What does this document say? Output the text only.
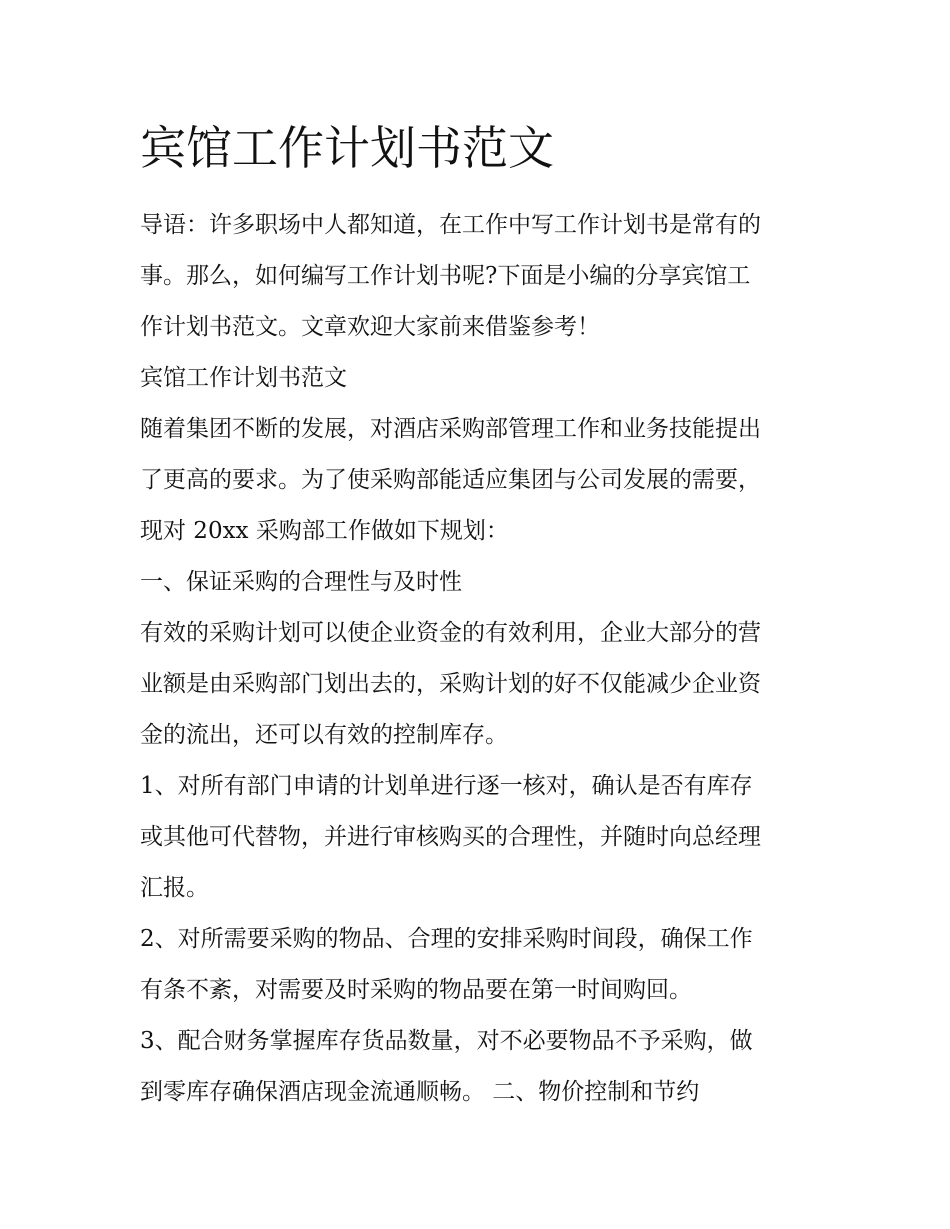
宾馆工作计划书范文
导语：许多职场中人都知道，在工作中写工作计划书是常有的
事。那么，如何编写工作计划书呢?下面是小编的分享宾馆工
作计划书范文。文章欢迎大家前来借鉴参考！
宾馆工作计划书范文
随着集团不断的发展，对酒店采购部管理工作和业务技能提出
了更高的要求。为了使采购部能适应集团与公司发展的需要，
现对 20xx 采购部工作做如下规划：
一、保证采购的合理性与及时性
有效的采购计划可以使企业资金的有效利用，企业大部分的营
业额是由采购部门划出去的，采购计划的好不仅能减少企业资
金的流出，还可以有效的控制库存。
1、对所有部门申请的计划单进行逐一核对，确认是否有库存
或其他可代替物，并进行审核购买的合理性，并随时向总经理
汇报。
2、对所需要采购的物品、合理的安排采购时间段，确保工作
有条不紊，对需要及时采购的物品要在第一时间购回。
3、配合财务掌握库存货品数量，对不必要物品不予采购，做
到零库存确保酒店现金流通顺畅。 二、物价控制和节约
